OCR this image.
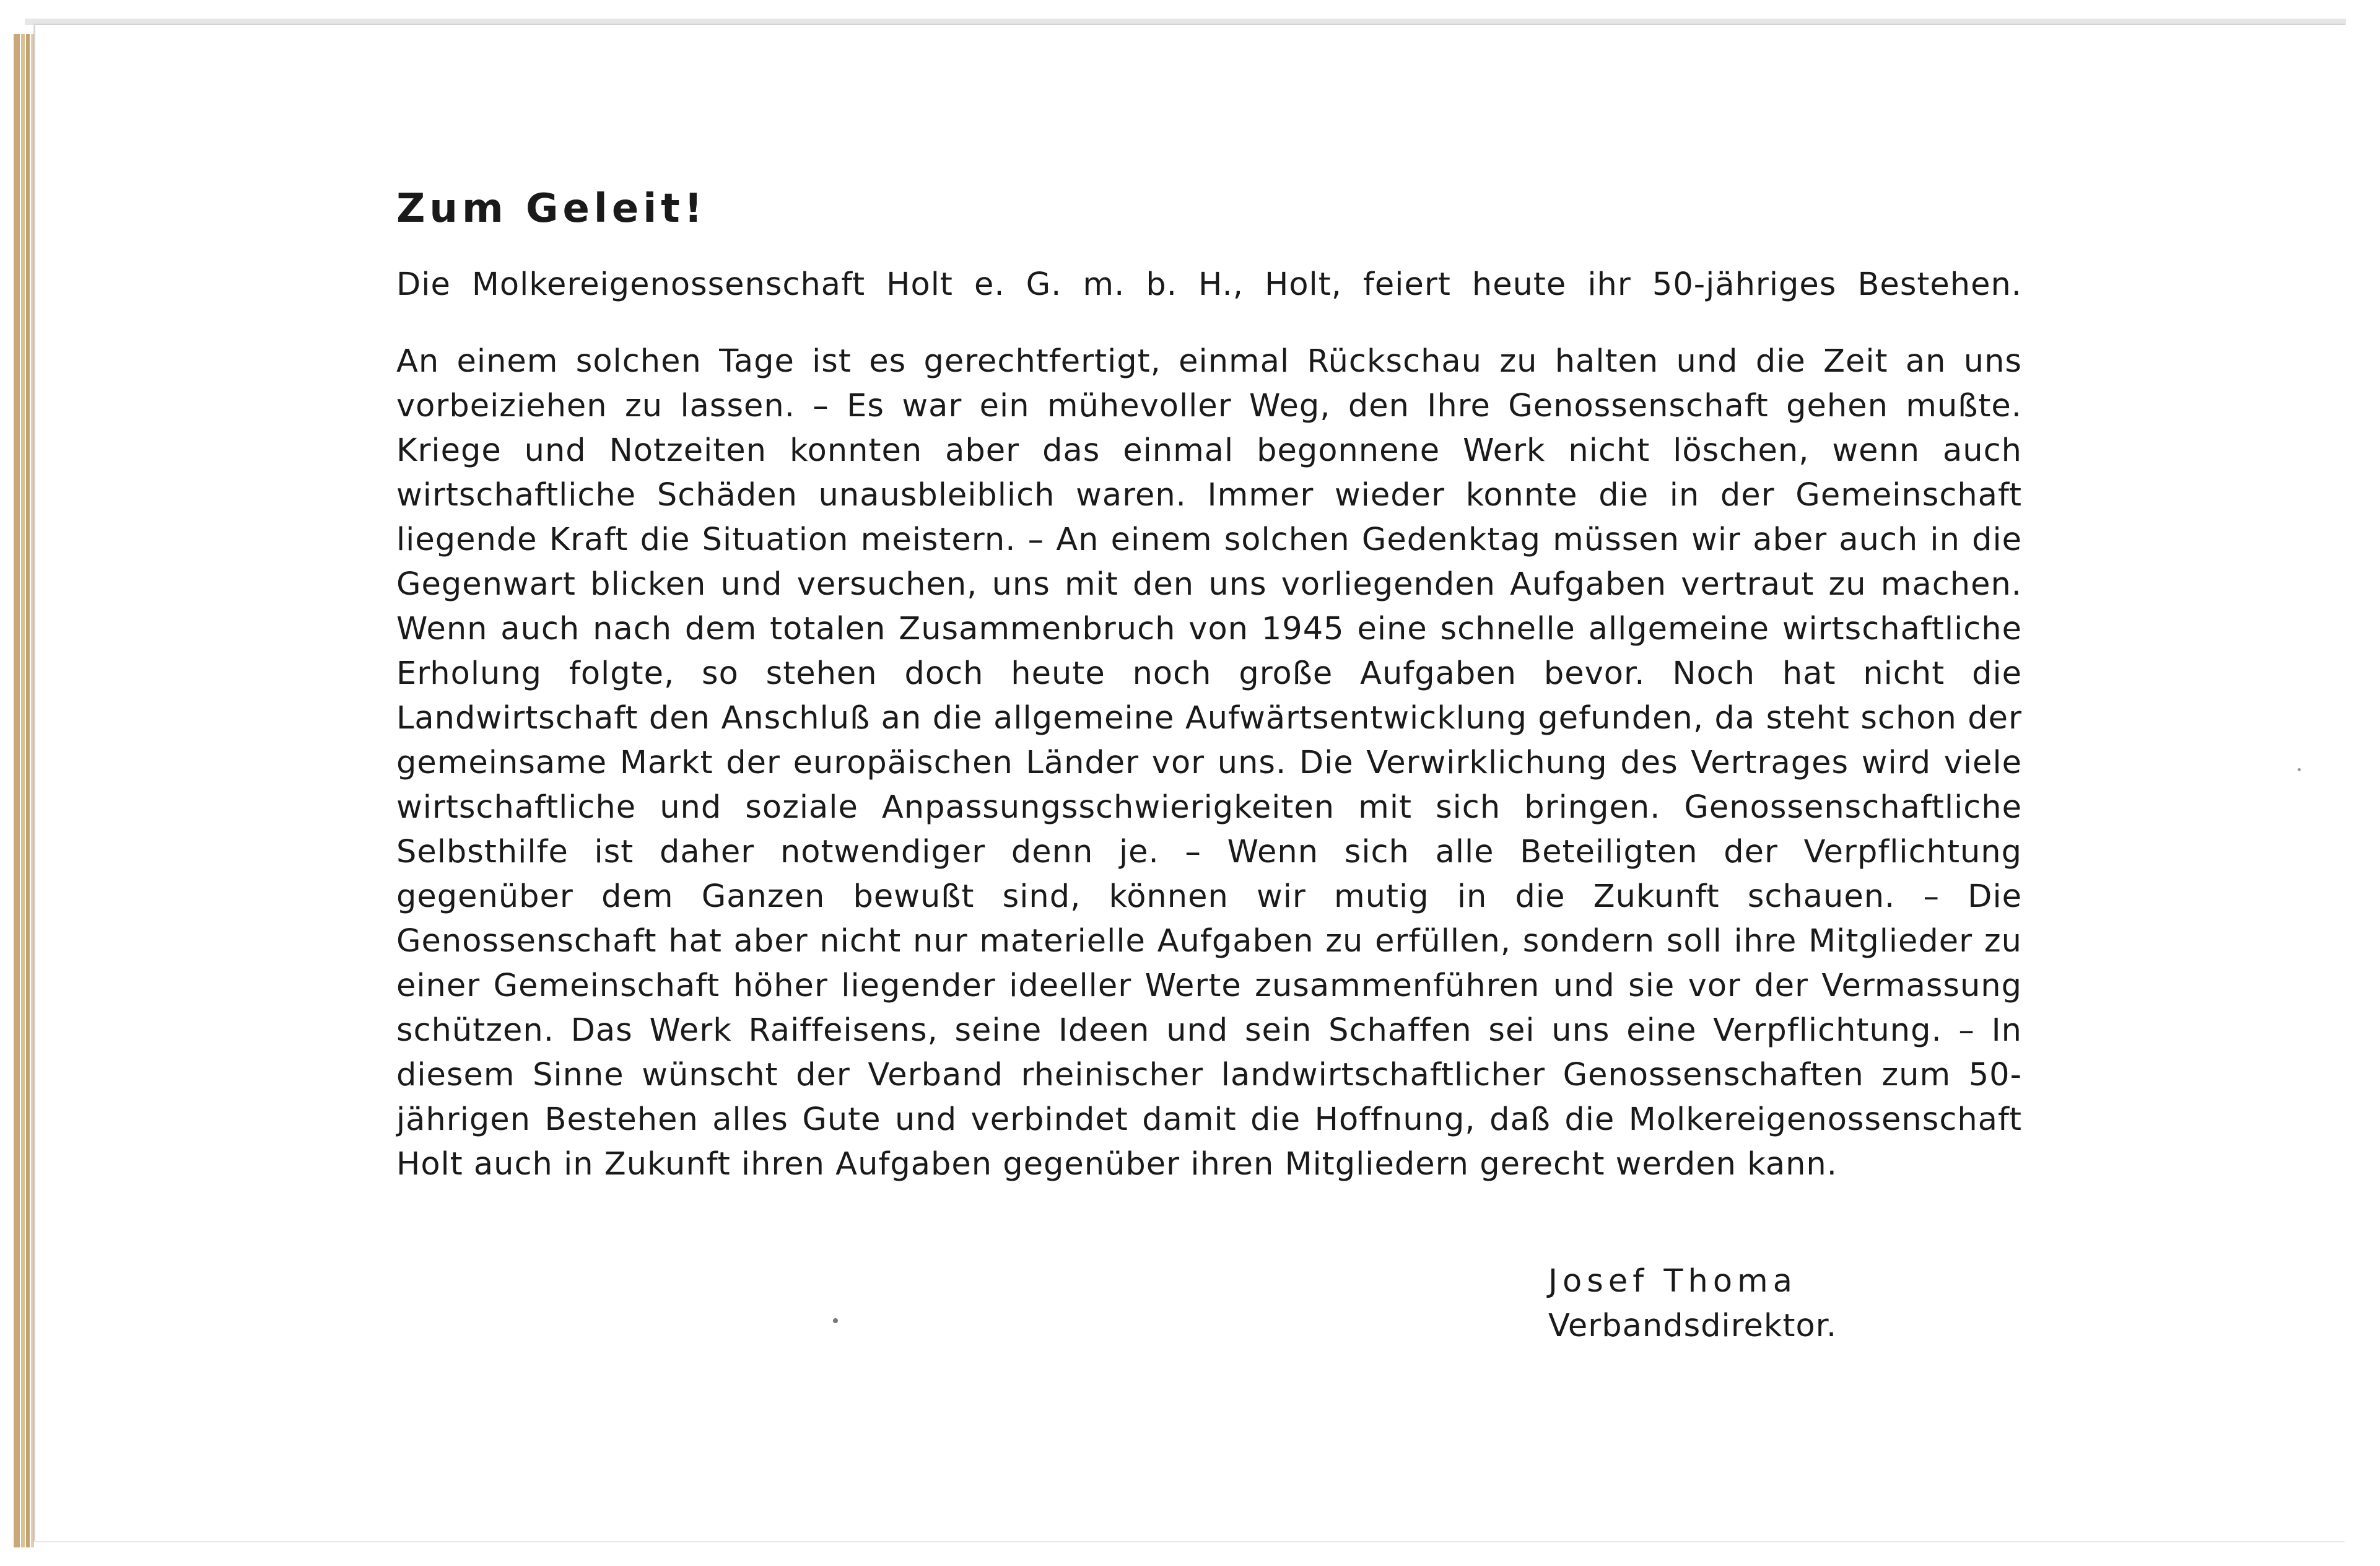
Zum Geleit!

Die Molkereigenossenschaft Holt e. G. m. b. H., Holt, feiert heute ihr 50-jähriges Bestehen.

An einem solchen Tage ist es gerechtfertigt, einmal Rückschau zu halten und die Zeit an uns vorbeiziehen zu lassen. – Es war ein mühevoller Weg, den Ihre Genossenschaft gehen mußte. Kriege und Notzeiten konnten aber das einmal begonnene Werk nicht löschen, wenn auch wirtschaftliche Schäden unausbleiblich waren. Immer wieder konnte die in der Gemeinschaft liegende Kraft die Situation meistern. – An einem solchen Gedenktag müssen wir aber auch in die Gegenwart blicken und versuchen, uns mit den uns vorliegenden Aufgaben vertraut zu machen. Wenn auch nach dem totalen Zusammenbruch von 1945 eine schnelle allgemeine wirtschaftliche Erholung folgte, so stehen doch heute noch große Aufgaben bevor. Noch hat nicht die Landwirtschaft den Anschluß an die allgemeine Aufwärtsentwicklung gefunden, da steht schon der gemeinsame Markt der europäischen Länder vor uns. Die Verwirklichung des Vertrages wird viele wirtschaftliche und soziale Anpassungsschwierigkeiten mit sich bringen. Genossenschaftliche Selbsthilfe ist daher notwendiger denn je. – Wenn sich alle Beteiligten der Verpflichtung gegenüber dem Ganzen bewußt sind, können wir mutig in die Zukunft schauen. – Die Genossenschaft hat aber nicht nur materielle Aufgaben zu erfüllen, sondern soll ihre Mitglieder zu einer Gemeinschaft höher liegender ideeller Werte zusammenführen und sie vor der Vermassung schützen. Das Werk Raiffeisens, seine Ideen und sein Schaffen sei uns eine Verpflichtung. – In diesem Sinne wünscht der Verband rheinischer landwirtschaftlicher Genossenschaften zum 50-jährigen Bestehen alles Gute und verbindet damit die Hoffnung, daß die Molkereigenossenschaft Holt auch in Zukunft ihren Aufgaben gegenüber ihren Mitgliedern gerecht werden kann.

Josef Thoma
Verbandsdirektor.
